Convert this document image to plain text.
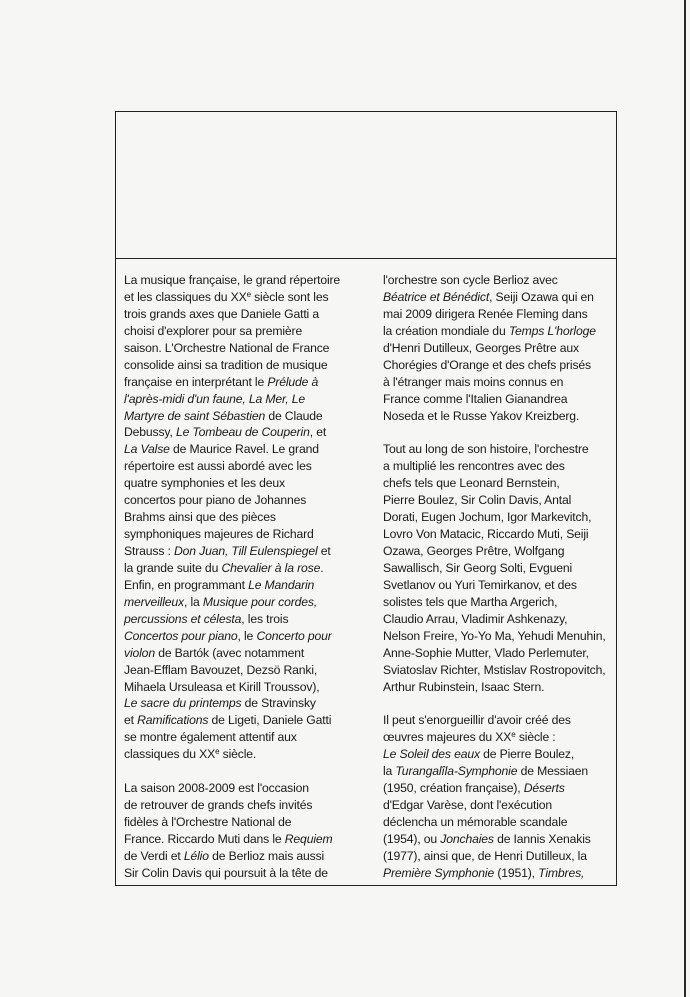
La musique française, le grand répertoire
et les classiques du XXe siècle sont les
trois grands axes que Daniele Gatti a
choisi d'explorer pour sa première
saison. L'Orchestre National de France
consolide ainsi sa tradition de musique
française en interprétant le Prélude à
l'après-midi d'un faune, La Mer, Le
Martyre de saint Sébastien de Claude
Debussy, Le Tombeau de Couperin, et
La Valse de Maurice Ravel. Le grand
répertoire est aussi abordé avec les
quatre symphonies et les deux
concertos pour piano de Johannes
Brahms ainsi que des pièces
symphoniques majeures de Richard
Strauss : Don Juan, Till Eulenspiegel et
la grande suite du Chevalier à la rose.
Enfin, en programmant Le Mandarin
merveilleux, la Musique pour cordes,
percussions et célesta, les trois
Concertos pour piano, le Concerto pour
violon de Bartók (avec notamment
Jean-Efflam Bavouzet, Dezsö Ranki,
Mihaela Ursuleasa et Kirill Troussov),
Le sacre du printemps de Stravinsky
et Ramifications de Ligeti, Daniele Gatti
se montre également attentif aux
classiques du XXe siècle.

La saison 2008-2009 est l'occasion
de retrouver de grands chefs invités
fidèles à l'Orchestre National de
France. Riccardo Muti dans le Requiem
de Verdi et Lélio de Berlioz mais aussi
Sir Colin Davis qui poursuit à la tête de

l'orchestre son cycle Berlioz avec
Béatrice et Bénédict, Seiji Ozawa qui en
mai 2009 dirigera Renée Fleming dans
la création mondiale du Temps L'horloge
d'Henri Dutilleux, Georges Prêtre aux
Chorégies d'Orange et des chefs prisés
à l'étranger mais moins connus en
France comme l'Italien Gianandrea
Noseda et le Russe Yakov Kreizberg.

Tout au long de son histoire, l'orchestre
a multiplié les rencontres avec des
chefs tels que Leonard Bernstein,
Pierre Boulez, Sir Colin Davis, Antal
Dorati, Eugen Jochum, Igor Markevitch,
Lovro Von Matacic, Riccardo Muti, Seiji
Ozawa, Georges Prêtre, Wolfgang
Sawallisch, Sir Georg Solti, Evgueni
Svetlanov ou Yuri Temirkanov, et des
solistes tels que Martha Argerich,
Claudio Arrau, Vladimir Ashkenazy,
Nelson Freire, Yo-Yo Ma, Yehudi Menuhin,
Anne-Sophie Mutter, Vlado Perlemuter,
Sviatoslav Richter, Mstislav Rostropovitch,
Arthur Rubinstein, Isaac Stern.

Il peut s'enorgueillir d'avoir créé des
œuvres majeures du XXe siècle :
Le Soleil des eaux de Pierre Boulez,
la Turangalîla-Symphonie de Messiaen
(1950, création française), Déserts
d'Edgar Varèse, dont l'exécution
déclencha un mémorable scandale
(1954), ou Jonchaies de Iannis Xenakis
(1977), ainsi que, de Henri Dutilleux, la
Première Symphonie (1951), Timbres,
